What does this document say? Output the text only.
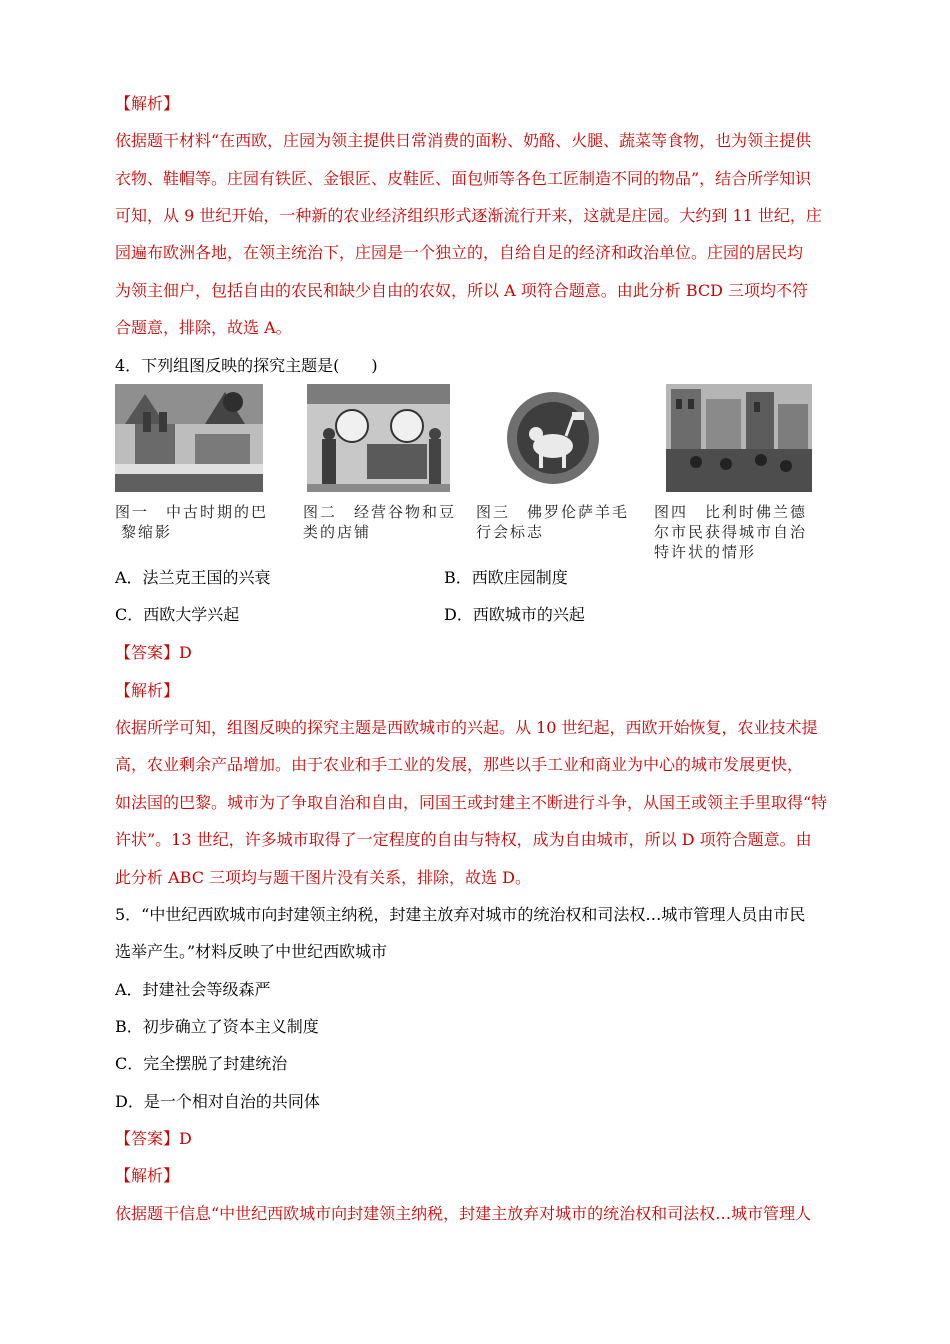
【解析】
依据题干材料“在西欧，庄园为领主提供日常消费的面粉、奶酪、火腿、蔬菜等食物，也为领主提供
衣物、鞋帽等。庄园有铁匠、金银匠、皮鞋匠、面包师等各色工匠制造不同的物品”，结合所学知识
可知，从 9 世纪开始，一种新的农业经济组织形式逐渐流行开来，这就是庄园。大约到 11 世纪，庄
园遍布欧洲各地，在领主统治下，庄园是一个独立的，自给自足的经济和政治单位。庄园的居民均
为领主佃户，包括自由的农民和缺少自由的农奴，所以 A 项符合题意。由此分析 BCD 三项均不符
合题意，排除，故选 A。
4．下列组图反映的探究主题是(　　)
图一　中古时期的巴
黎缩影
图二　经营谷物和豆
类的店铺
图三　佛罗伦萨羊毛
行会标志
图四　比利时佛兰德
尔市民获得城市自治
特许状的情形
A．法兰克王国的兴衰	B．西欧庄园制度
C．西欧大学兴起	D．西欧城市的兴起
【答案】D
【解析】
依据所学可知，组图反映的探究主题是西欧城市的兴起。从 10 世纪起，西欧开始恢复，农业技术提
高，农业剩余产品增加。由于农业和手工业的发展，那些以手工业和商业为中心的城市发展更快，
如法国的巴黎。城市为了争取自治和自由，同国王或封建主不断进行斗争，从国王或领主手里取得“特
许状”。13 世纪，许多城市取得了一定程度的自由与特权，成为自由城市，所以 D 项符合题意。由
此分析 ABC 三项均与题干图片没有关系，排除，故选 D。
5．“中世纪西欧城市向封建领主纳税，封建主放弃对城市的统治权和司法权…城市管理人员由市民
选举产生。”材料反映了中世纪西欧城市
A．封建社会等级森严
B．初步确立了资本主义制度
C．完全摆脱了封建统治
D．是一个相对自治的共同体
【答案】D
【解析】
依据题干信息“中世纪西欧城市向封建领主纳税，封建主放弃对城市的统治权和司法权…城市管理人
